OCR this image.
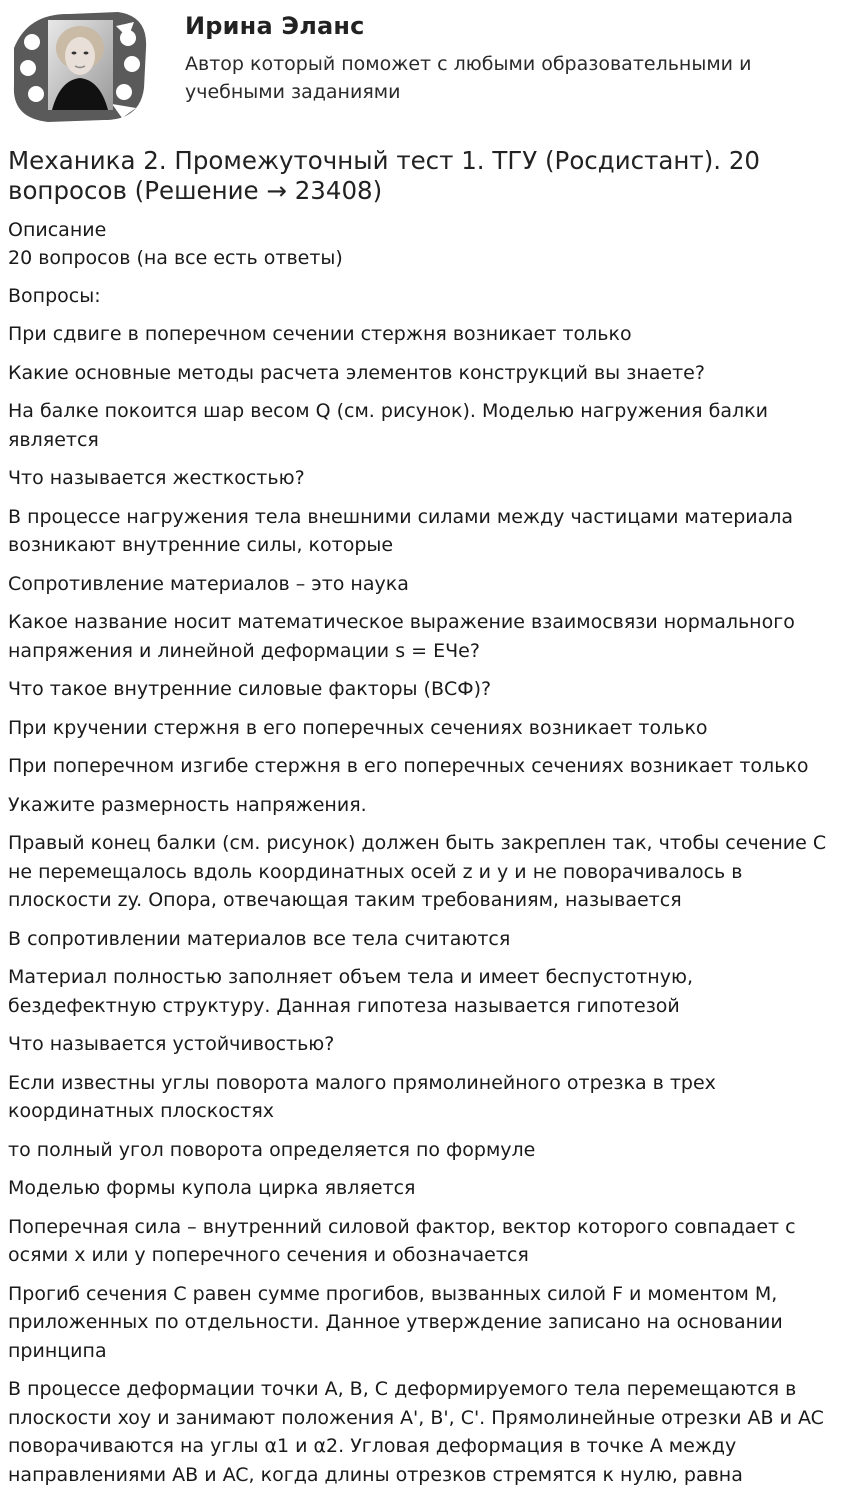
Ирина Эланс

Автор который поможет с любыми образовательными и учебными заданиями

Механика 2. Промежуточный тест 1. ТГУ (Росдистант). 20 вопросов (Решение → 23408)

Описание

20 вопросов (на все есть ответы)

Вопросы:

При сдвиге в поперечном сечении стержня возникает только
Какие основные методы расчета элементов конструкций вы знаете?
На балке покоится шар весом Q (см. рисунок). Моделью нагружения балки является
Что называется жесткостью?
В процессе нагружения тела внешними силами между частицами материала возникают внутренние силы, которые
Сопротивление материалов – это наука
Какое название носит математическое выражение взаимосвязи нормального напряжения и линейной деформации s = ЕЧе?
Что такое внутренние силовые факторы (ВСФ)?
При кручении стержня в его поперечных сечениях возникает только
При поперечном изгибе стержня в его поперечных сечениях возникает только
Укажите размерность напряжения.
Правый конец балки (см. рисунок) должен быть закреплен так, чтобы сечение C не перемещалось вдоль координатных осей z и y и не поворачивалось в плоскости zy. Опора, отвечающая таким требованиям, называется
В сопротивлении материалов все тела считаются
Материал полностью заполняет объем тела и имеет беспустотную, бездефектную структуру. Данная гипотеза называется гипотезой
Что называется устойчивостью?
Если известны углы поворота малого прямолинейного отрезка в трех координатных плоскостях
то полный угол поворота определяется по формуле
Моделью формы купола цирка является
Поперечная сила – внутренний силовой фактор, вектор которого совпадает с осями x или y поперечного сечения и обозначается
Прогиб сечения C равен сумме прогибов, вызванных силой F и моментом M, приложенных по отдельности. Данное утверждение записано на основании принципа
В процессе деформации точки A, B, C деформируемого тела перемещаются в плоскости xoy и занимают положения A', B', C'. Прямолинейные отрезки AB и AC поворачиваются на углы α1 и α2. Угловая деформация в точке A между направлениями AB и AC, когда длины отрезков стремятся к нулю, равна
